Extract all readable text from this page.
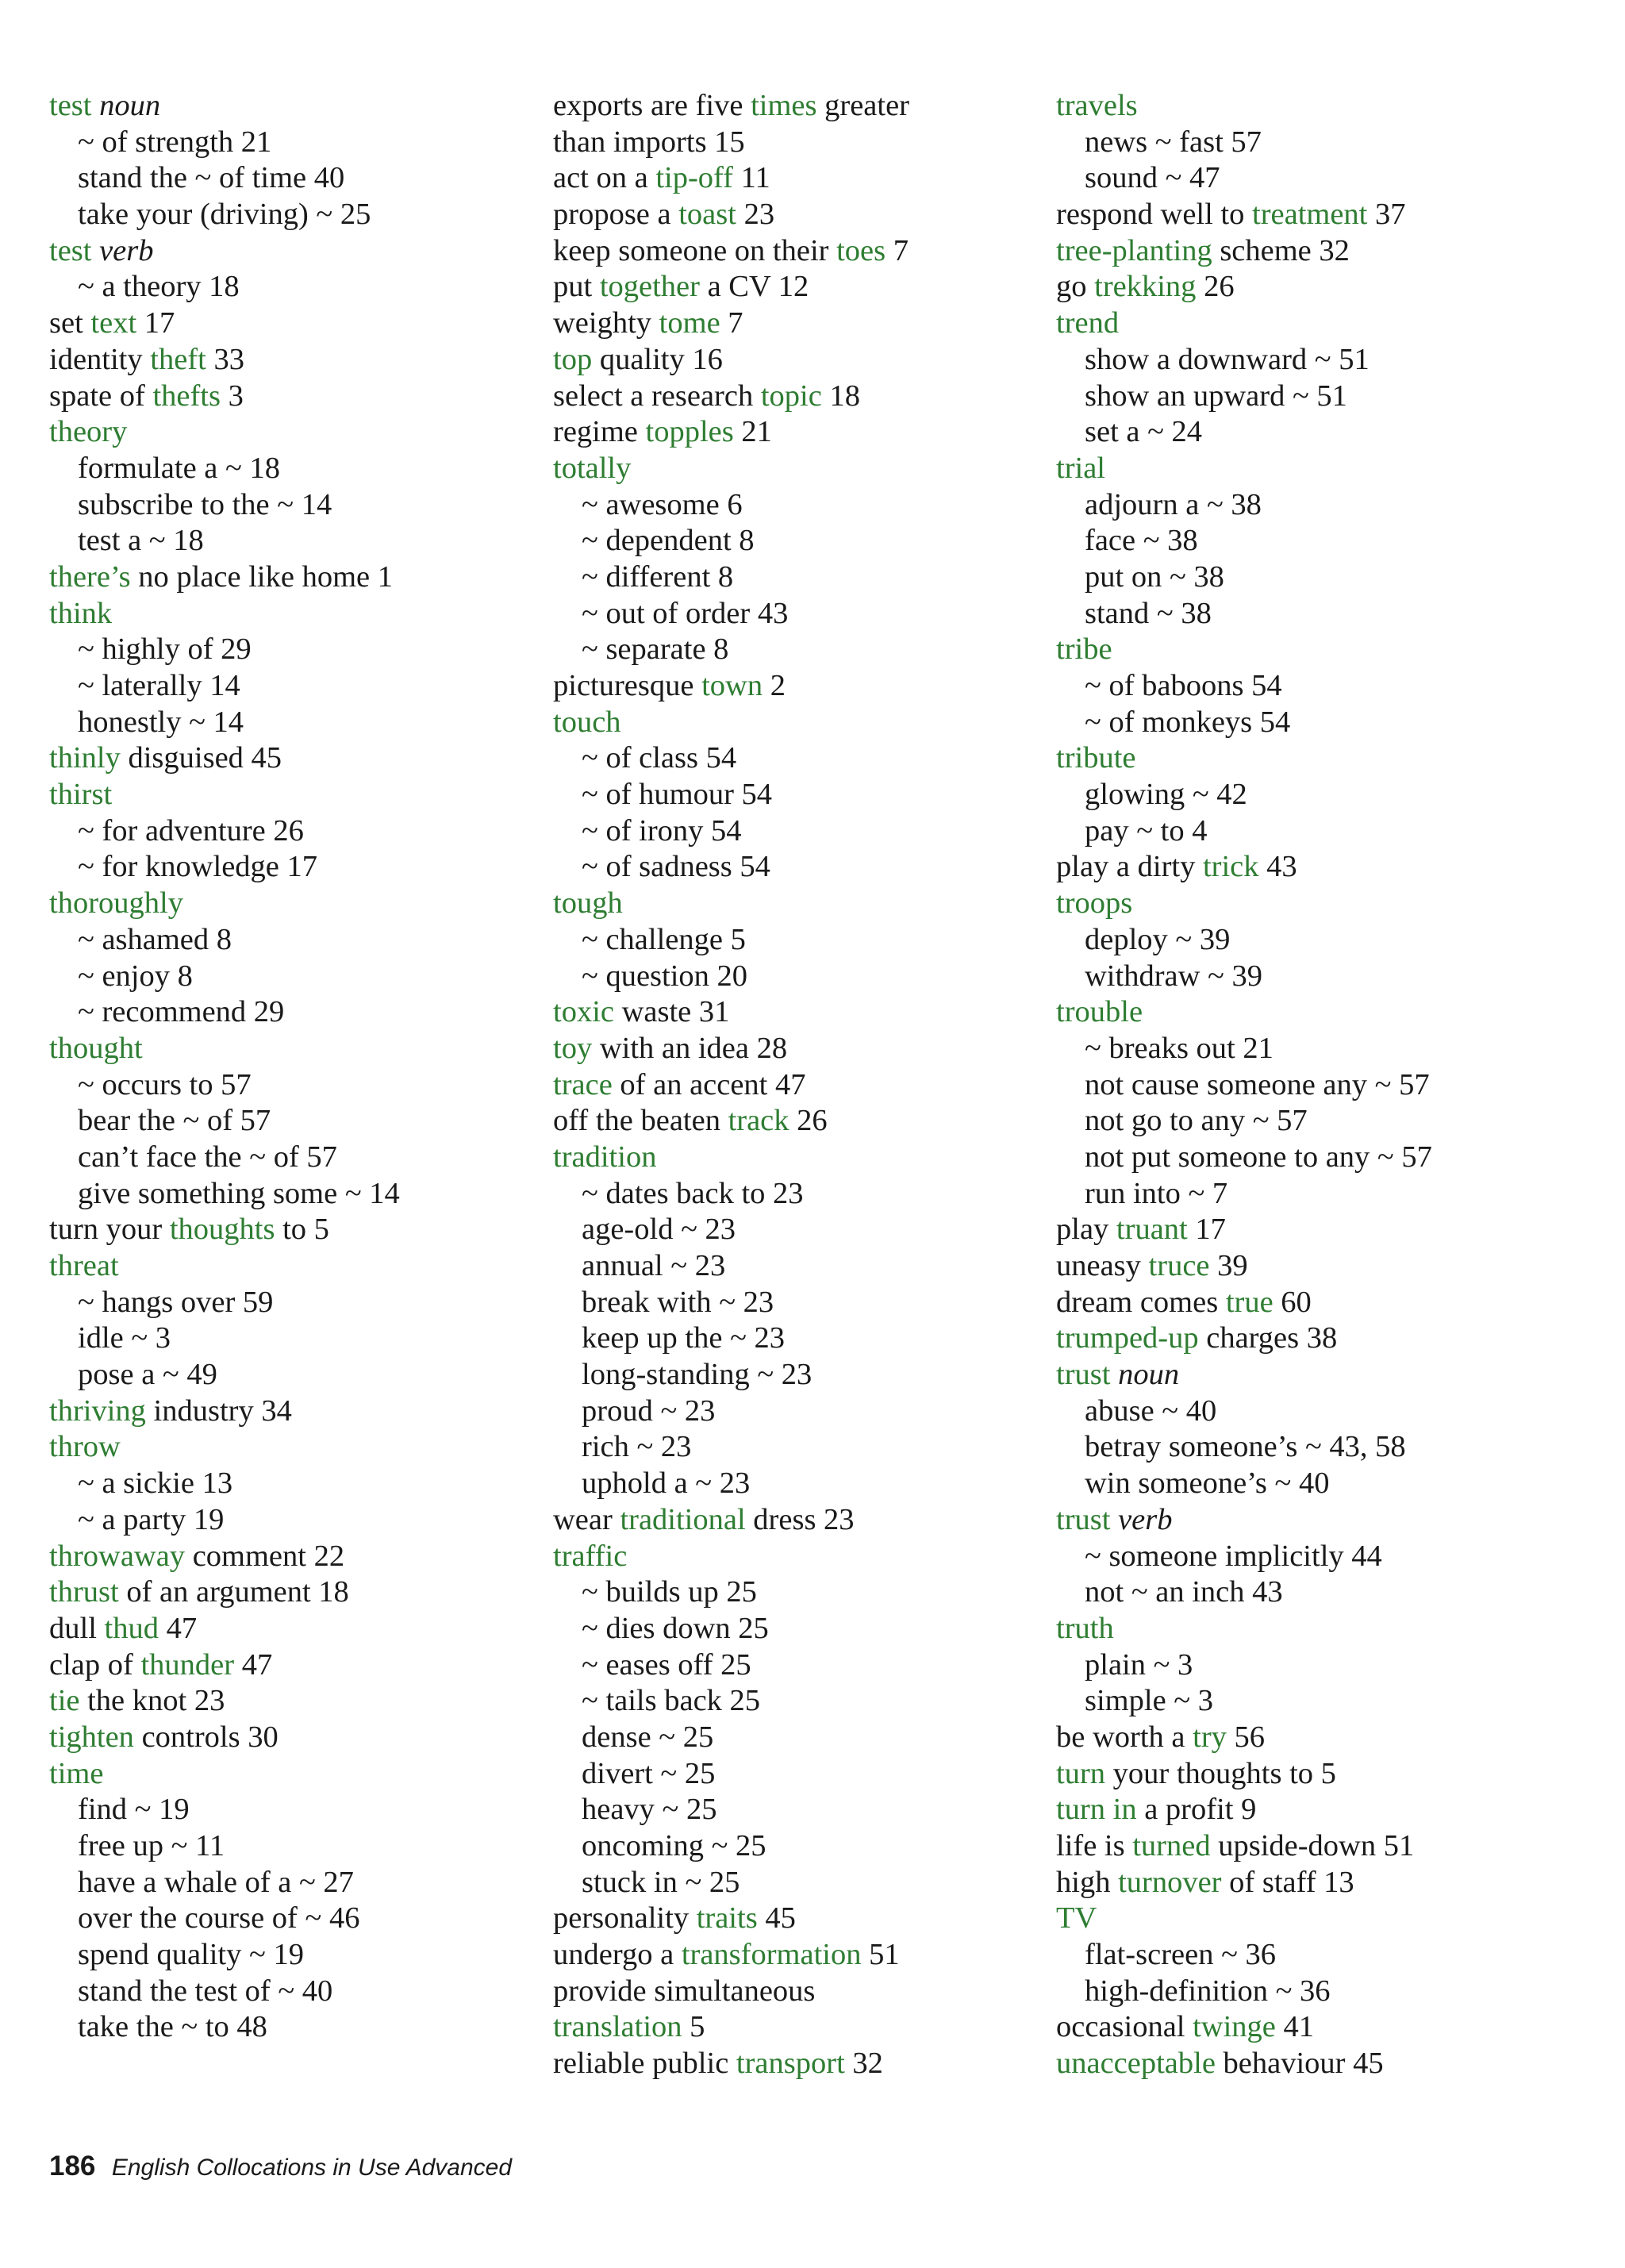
test noun
~ of strength 21
stand the ~ of time 40
take your (driving) ~ 25
test verb
~ a theory 18
set text 17
identity theft 33
spate of thefts 3
theory
formulate a ~ 18
subscribe to the ~ 14
test a ~ 18
there’s no place like home 1
think
~ highly of 29
~ laterally 14
honestly ~ 14
thinly disguised 45
thirst
~ for adventure 26
~ for knowledge 17
thoroughly
~ ashamed 8
~ enjoy 8
~ recommend 29
thought
~ occurs to 57
bear the ~ of 57
can’t face the ~ of 57
give something some ~ 14
turn your thoughts to 5
threat
~ hangs over 59
idle ~ 3
pose a ~ 49
thriving industry 34
throw
~ a sickie 13
~ a party 19
throwaway comment 22
thrust of an argument 18
dull thud 47
clap of thunder 47
tie the knot 23
tighten controls 30
time
find ~ 19
free up ~ 11
have a whale of a ~ 27
over the course of ~ 46
spend quality ~ 19
stand the test of ~ 40
take the ~ to 48
exports are five times greater
than imports 15
act on a tip-off 11
propose a toast 23
keep someone on their toes 7
put together a CV 12
weighty tome 7
top quality 16
select a research topic 18
regime topples 21
totally
~ awesome 6
~ dependent 8
~ different 8
~ out of order 43
~ separate 8
picturesque town 2
touch
~ of class 54
~ of humour 54
~ of irony 54
~ of sadness 54
tough
~ challenge 5
~ question 20
toxic waste 31
toy with an idea 28
trace of an accent 47
off the beaten track 26
tradition
~ dates back to 23
age-old ~ 23
annual ~ 23
break with ~ 23
keep up the ~ 23
long-standing ~ 23
proud ~ 23
rich ~ 23
uphold a ~ 23
wear traditional dress 23
traffic
~ builds up 25
~ dies down 25
~ eases off 25
~ tails back 25
dense ~ 25
divert ~ 25
heavy ~ 25
oncoming ~ 25
stuck in ~ 25
personality traits 45
undergo a transformation 51
provide simultaneous
translation 5
reliable public transport 32
travels
news ~ fast 57
sound ~ 47
respond well to treatment 37
tree-planting scheme 32
go trekking 26
trend
show a downward ~ 51
show an upward ~ 51
set a ~ 24
trial
adjourn a ~ 38
face ~ 38
put on ~ 38
stand ~ 38
tribe
~ of baboons 54
~ of monkeys 54
tribute
glowing ~ 42
pay ~ to 4
play a dirty trick 43
troops
deploy ~ 39
withdraw ~ 39
trouble
~ breaks out 21
not cause someone any ~ 57
not go to any ~ 57
not put someone to any ~ 57
run into ~ 7
play truant 17
uneasy truce 39
dream comes true 60
trumped-up charges 38
trust noun
abuse ~ 40
betray someone’s ~ 43, 58
win someone’s ~ 40
trust verb
~ someone implicitly 44
not ~ an inch 43
truth
plain ~ 3
simple ~ 3
be worth a try 56
turn your thoughts to 5
turn in a profit 9
life is turned upside-down 51
high turnover of staff 13
TV
flat-screen ~ 36
high-definition ~ 36
occasional twinge 41
unacceptable behaviour 45
186 English Collocations in Use Advanced
